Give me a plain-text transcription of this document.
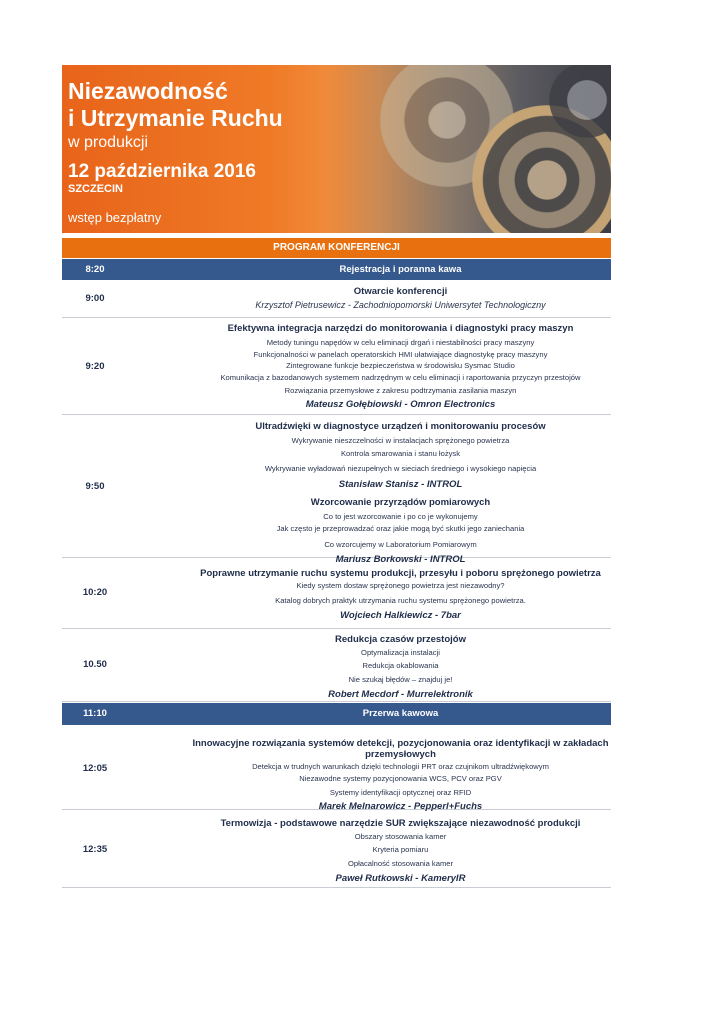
Niezawodność
i Utrzymanie Ruchu
w produkcji
12 października 2016
SZCZECIN
wstęp bezpłatny
PROGRAM KONFERENCJI
8:20	Rejestracja i poranna kawa
9:00
Otwarcie konferencji
Krzysztof Pietrusewicz - Zachodniopomorski Uniwersytet Technologiczny
9:20
Efektywna integracja narzędzi do monitorowania i diagnostyki pracy maszyn
Metody tuningu napędów w celu eliminacji drgań i niestabilności pracy maszyny
Funkcjonalności w panelach operatorskich HMI ułatwiające diagnostykę pracy maszyny
Zintegrowane funkcje bezpieczeństwa w środowisku Sysmac Studio
Komunikacja z bazodanowych systemem nadrzędnym w celu eliminacji i raportowania przyczyn przestojów
Rozwiązania przemysłowe z zakresu podtrzymania zasilania maszyn
Mateusz Gołębiowski - Omron Electronics
9:50
Ultradźwięki w diagnostyce urządzeń i monitorowaniu procesów
Wykrywanie nieszczelności w instalacjach sprężonego powietrza
Kontrola smarowania i stanu łożysk
Wykrywanie wyładowań niezupełnych w sieciach średniego i wysokiego napięcia
Stanisław Stanisz - INTROL
Wzorcowanie przyrządów pomiarowych
Co to jest wzorcowanie i po co je wykonujemy
Jak często je przeprowadzać oraz jakie mogą być skutki jego zaniechania
Co wzorcujemy w Laboratorium Pomiarowym
Mariusz Borkowski - INTROL
10:20
Poprawne utrzymanie ruchu systemu produkcji, przesyłu i poboru sprężonego powietrza
Kiedy system dostaw sprężonego powietrza jest niezawodny?
Katalog dobrych praktyk utrzymania ruchu systemu sprężonego powietrza.
Wojciech Halkiewicz - 7bar
10.50
Redukcja czasów przestojów
Optymalizacja instalacji
Redukcja okablowania
Nie szukaj błędów – znajduj je!
Robert Mecdorf - Murrelektronik
11:10	Przerwa kawowa
12:05
Innowacyjne rozwiązania systemów detekcji, pozycjonowania oraz identyfikacji w zakładach przemysłowych
Detekcja w trudnych warunkach dzięki technologii PRT oraz czujnikom ultradźwiękowym
Niezawodne systemy pozycjonowania WCS, PCV oraz PGV
Systemy identyfikacji optycznej oraz RFID
Marek Melnarowicz - Pepperl+Fuchs
12:35
Termowizja - podstawowe narzędzie SUR zwiększające niezawodność produkcji
Obszary stosowania kamer
Kryteria pomiaru
Opłacalność stosowania kamer
Paweł Rutkowski - KameryIR
